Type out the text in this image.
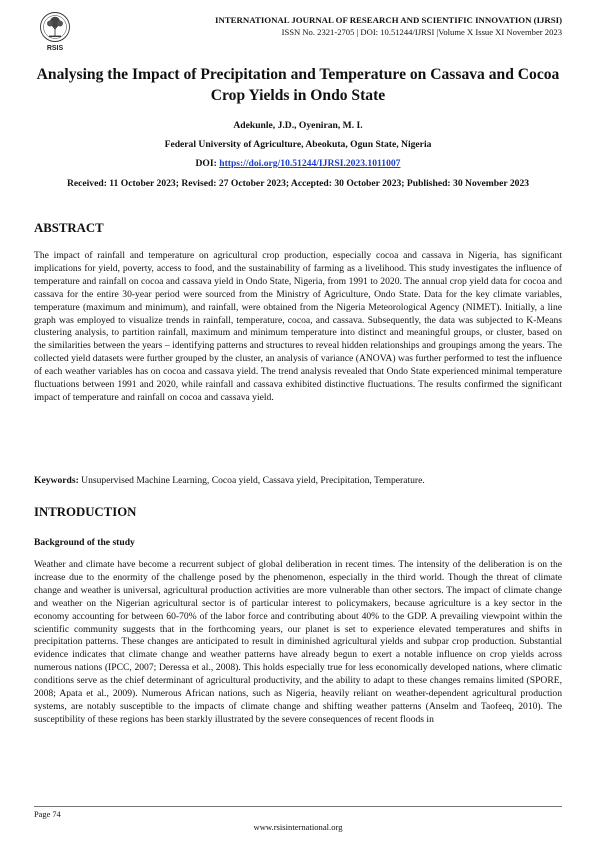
RSIS
INTERNATIONAL JOURNAL OF RESEARCH AND SCIENTIFIC INNOVATION (IJRSI)
ISSN No. 2321-2705 | DOI: 10.51244/IJRSI |Volume X Issue XI November 2023
Analysing the Impact of Precipitation and Temperature on Cassava and Cocoa Crop Yields in Ondo State
Adekunle, J.D., Oyeniran, M. I.
Federal University of Agriculture, Abeokuta, Ogun State, Nigeria
DOI: https://doi.org/10.51244/IJRSI.2023.1011007
Received: 11 October 2023; Revised: 27 October 2023; Accepted: 30 October 2023; Published: 30 November 2023
ABSTRACT
The impact of rainfall and temperature on agricultural crop production, especially cocoa and cassava in Nigeria, has significant implications for yield, poverty, access to food, and the sustainability of farming as a livelihood. This study investigates the influence of temperature and rainfall on cocoa and cassava yield in Ondo State, Nigeria, from 1991 to 2020. The annual crop yield data for cocoa and cassava for the entire 30-year period were sourced from the Ministry of Agriculture, Ondo State. Data for the key climate variables, temperature (maximum and minimum), and rainfall, were obtained from the Nigeria Meteorological Agency (NIMET). Initially, a line graph was employed to visualize trends in rainfall, temperature, cocoa, and cassava. Subsequently, the data was subjected to K-Means clustering analysis, to partition rainfall, maximum and minimum temperature into distinct and meaningful groups, or cluster, based on the similarities between the years – identifying patterns and structures to reveal hidden relationships and groupings among the years. The collected yield datasets were further grouped by the cluster, an analysis of variance (ANOVA) was further performed to test the influence of each weather variables has on cocoa and cassava yield. The trend analysis revealed that Ondo State experienced minimal temperature fluctuations between 1991 and 2020, while rainfall and cassava exhibited distinctive fluctuations. The results confirmed the significant impact of temperature and rainfall on cocoa and cassava yield.
Keywords: Unsupervised Machine Learning, Cocoa yield, Cassava yield, Precipitation, Temperature.
INTRODUCTION
Background of the study
Weather and climate have become a recurrent subject of global deliberation in recent times. The intensity of the deliberation is on the increase due to the enormity of the challenge posed by the phenomenon, especially in the third world. Though the threat of climate change and weather is universal, agricultural production activities are more vulnerable than other sectors. The impact of climate change and weather on the Nigerian agricultural sector is of particular interest to policymakers, because agriculture is a key sector in the economy accounting for between 60-70% of the labor force and contributing about 40% to the GDP. A prevailing viewpoint within the scientific community suggests that in the forthcoming years, our planet is set to experience elevated temperatures and shifts in precipitation patterns. These changes are anticipated to result in diminished agricultural yields and subpar crop production. Substantial evidence indicates that climate change and weather patterns have already begun to exert a notable influence on crop yields across numerous nations (IPCC, 2007; Deressa et al., 2008). This holds especially true for less economically developed nations, where climatic conditions serve as the chief determinant of agricultural productivity, and the ability to adapt to these changes remains limited (SPORE, 2008; Apata et al., 2009). Numerous African nations, such as Nigeria, heavily reliant on weather-dependent agricultural production systems, are notably susceptible to the impacts of climate change and shifting weather patterns (Anselm and Taofeeq, 2010). The susceptibility of these regions has been starkly illustrated by the severe consequences of recent floods in
Page 74
www.rsisinternational.org
